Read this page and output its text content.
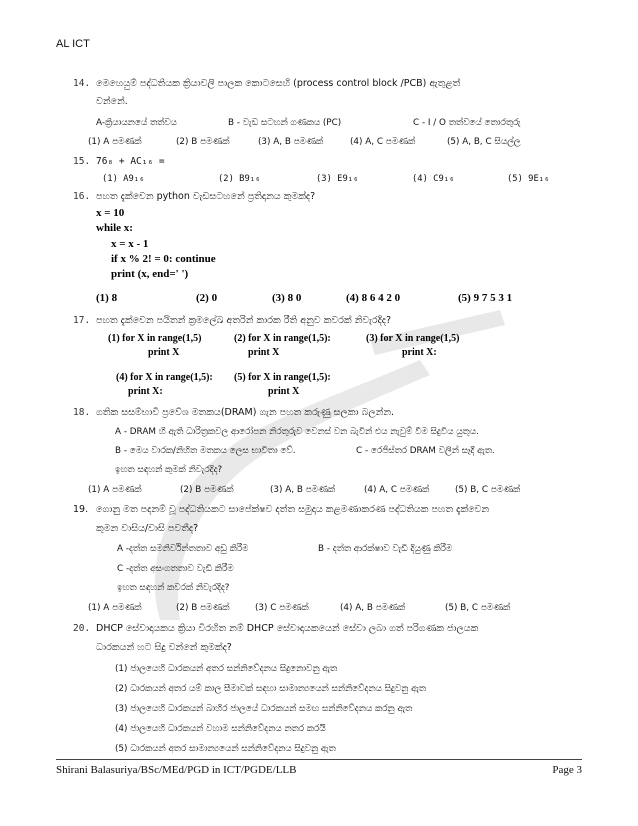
AL ICT
14. මෙහෙයුම් පද්ධතියක ක්‍රියාවලි පාලක කොටසෙහි (process control block /PCB) ඇතුළත්
වන්නේ.
A-ක්‍රියායනයේ තත්වය	B - වැඩ සටහන් ගණකය (PC)	C - I / O තත්වයේ තොරතුරු
(1) A පමණක්	(2) B පමණක්	(3) A, B පමණක්	(4) A, C පමණක්	(5) A, B, C සියල්ල
15. 76₈ + AC₁₆ =
(1) A9₁₆	(2) B9₁₆	(3) E9₁₆	(4) C9₁₆	(5) 9E₁₆
16. පහත දැක්වෙන python වැඩසටහනේ ප්‍රතිදානය කුමක්ද?
x = 10
while x:
x = x - 1
if x % 2! = 0: continue
print (x, end=' ')
(1) 8	(2) 0	(3) 8 0	(4) 8 6 4 2 0	(5) 9 7 5 3 1
17. පහත දැක්වෙන පයිතන් ක්‍රමලේඛ අතරින් කාරක රීති අනුව කවරක් නිවැරදිද?
(1) for X in range(1,5)
print X
(2) for X in range(1,5):
print X
(3) for X in range(1,5)
print X:
(4) for X in range(1,5):
print X:
(5) for X in range(1,5):
print X
18. ගතික සසම්භාවී ප්‍රවේශ මතකය(DRAM) ගැන පහත කරුණු සලකා බලන්න.
A - DRAM හි ඇති ධාරිත්‍රකවල ආරෝපන නිරතුරුව වෙනස් වන බැවින් එය නැවුම් වීම සිදුවිය යුතුය.
B - මෙය වාරක/නිහිත මතකය ලෙස භාවිතා වේ.	C - රෙජිස්තර DRAM වලින් සෑදී ඇත.
ඉහත සඳහන් කුමක් නිවැරදිද?
(1) A පමණක්	(2) B පමණක්	(3) A, B පමණක්	(4) A, C පමණක්	(5) B, C පමණක්
19. ගොනු මත පදනම් වූ පද්ධතියකට සාපේක්ෂව දත්ත සමුදාය කළමණාකරණ පද්ධතියක පහත දැක්වෙන
කුමන වාසිය/වාසි පවතීද?
A -දත්ත සමනිර්වින්තතාව අඩු කිරීම	B - දත්ත ආරක්ෂාව වැඩි දියුණු කිරීම
C -දත්ත අසංගතතාව වැඩි කිරීම
ඉහත සඳහන් කවරක් නිවැරදිද?
(1) A පමණක්	(2) B පමණක්	(3) C පමණක්	(4) A, B පමණක්	(5) B, C පමණක්
20. DHCP සේවාදායකය ක්‍රියා විරහිත නම් DHCP සේවාදායකයෙන් සේවා ලබා ගත් පරිගණක ජාලයක
ධාරකයන් හට සිදු වන්නේ කුමක්ද?
(1) ජාලයෙහි ධාරකයන් අතර සන්නිවේදනය සිදුනොවනු ඇත
(2) ධාරකයන් අතර යම් කාල සීමාවක් සඳහා සාමාන්‍යයෙන් සන්නිවේදනය සිදුවනු ඇත
(3) ජාලයෙහි ධාරකයන් බාහිර ජාලයේ ධාරකයන් සමඟ සන්නිවේදනය කරනු ඇත
(4) ජාලයෙහි ධාරකයන් වහාම සන්නිවේදනය නතර කරයි
(5) ධාරකයන් අතර සාමාන්‍යයෙන් සන්නිවේදනය සිදුවනු ඇත
Shirani Balasuriya/BSc/MEd/PGD in ICT/PGDE/LLB	Page 3
